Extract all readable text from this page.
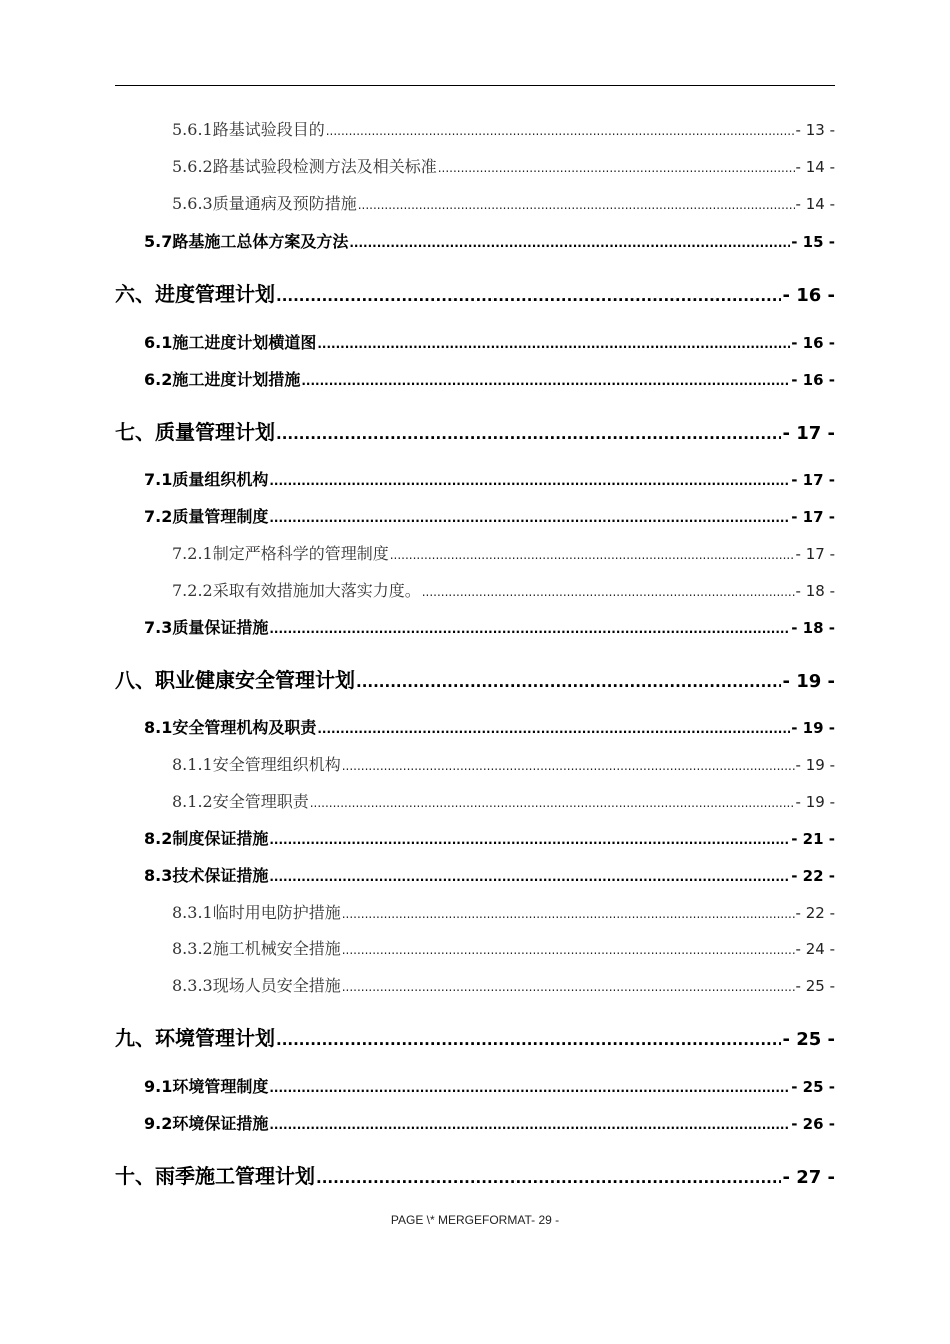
5.6.1路基试验段目的 .....	- 13 -
5.6.2路基试验段检测方法及相关标准 .....	- 14 -
5.6.3质量通病及预防措施 .....	- 14 -
5.7路基施工总体方案及方法 .....	- 15 -
六、进度管理计划 .....	- 16 -
6.1施工进度计划横道图 .....	- 16 -
6.2施工进度计划措施 .....	- 16 -
七、质量管理计划 .....	- 17 -
7.1质量组织机构 .....	- 17 -
7.2质量管理制度 .....	- 17 -
7.2.1制定严格科学的管理制度 .....	- 17 -
7.2.2采取有效措施加大落实力度。 .....	- 18 -
7.3质量保证措施 .....	- 18 -
八、职业健康安全管理计划 .....	- 19 -
8.1安全管理机构及职责 .....	- 19 -
8.1.1安全管理组织机构 .....	- 19 -
8.1.2安全管理职责 .....	- 19 -
8.2制度保证措施 .....	- 21 -
8.3技术保证措施 .....	- 22 -
8.3.1临时用电防护措施 .....	- 22 -
8.3.2施工机械安全措施 .....	- 24 -
8.3.3现场人员安全措施 .....	- 25 -
九、环境管理计划 .....	- 25 -
9.1环境管理制度 .....	- 25 -
9.2环境保证措施 .....	- 26 -
十、雨季施工管理计划 .....	- 27 -
PAGE \* MERGEFORMAT- 29 -
